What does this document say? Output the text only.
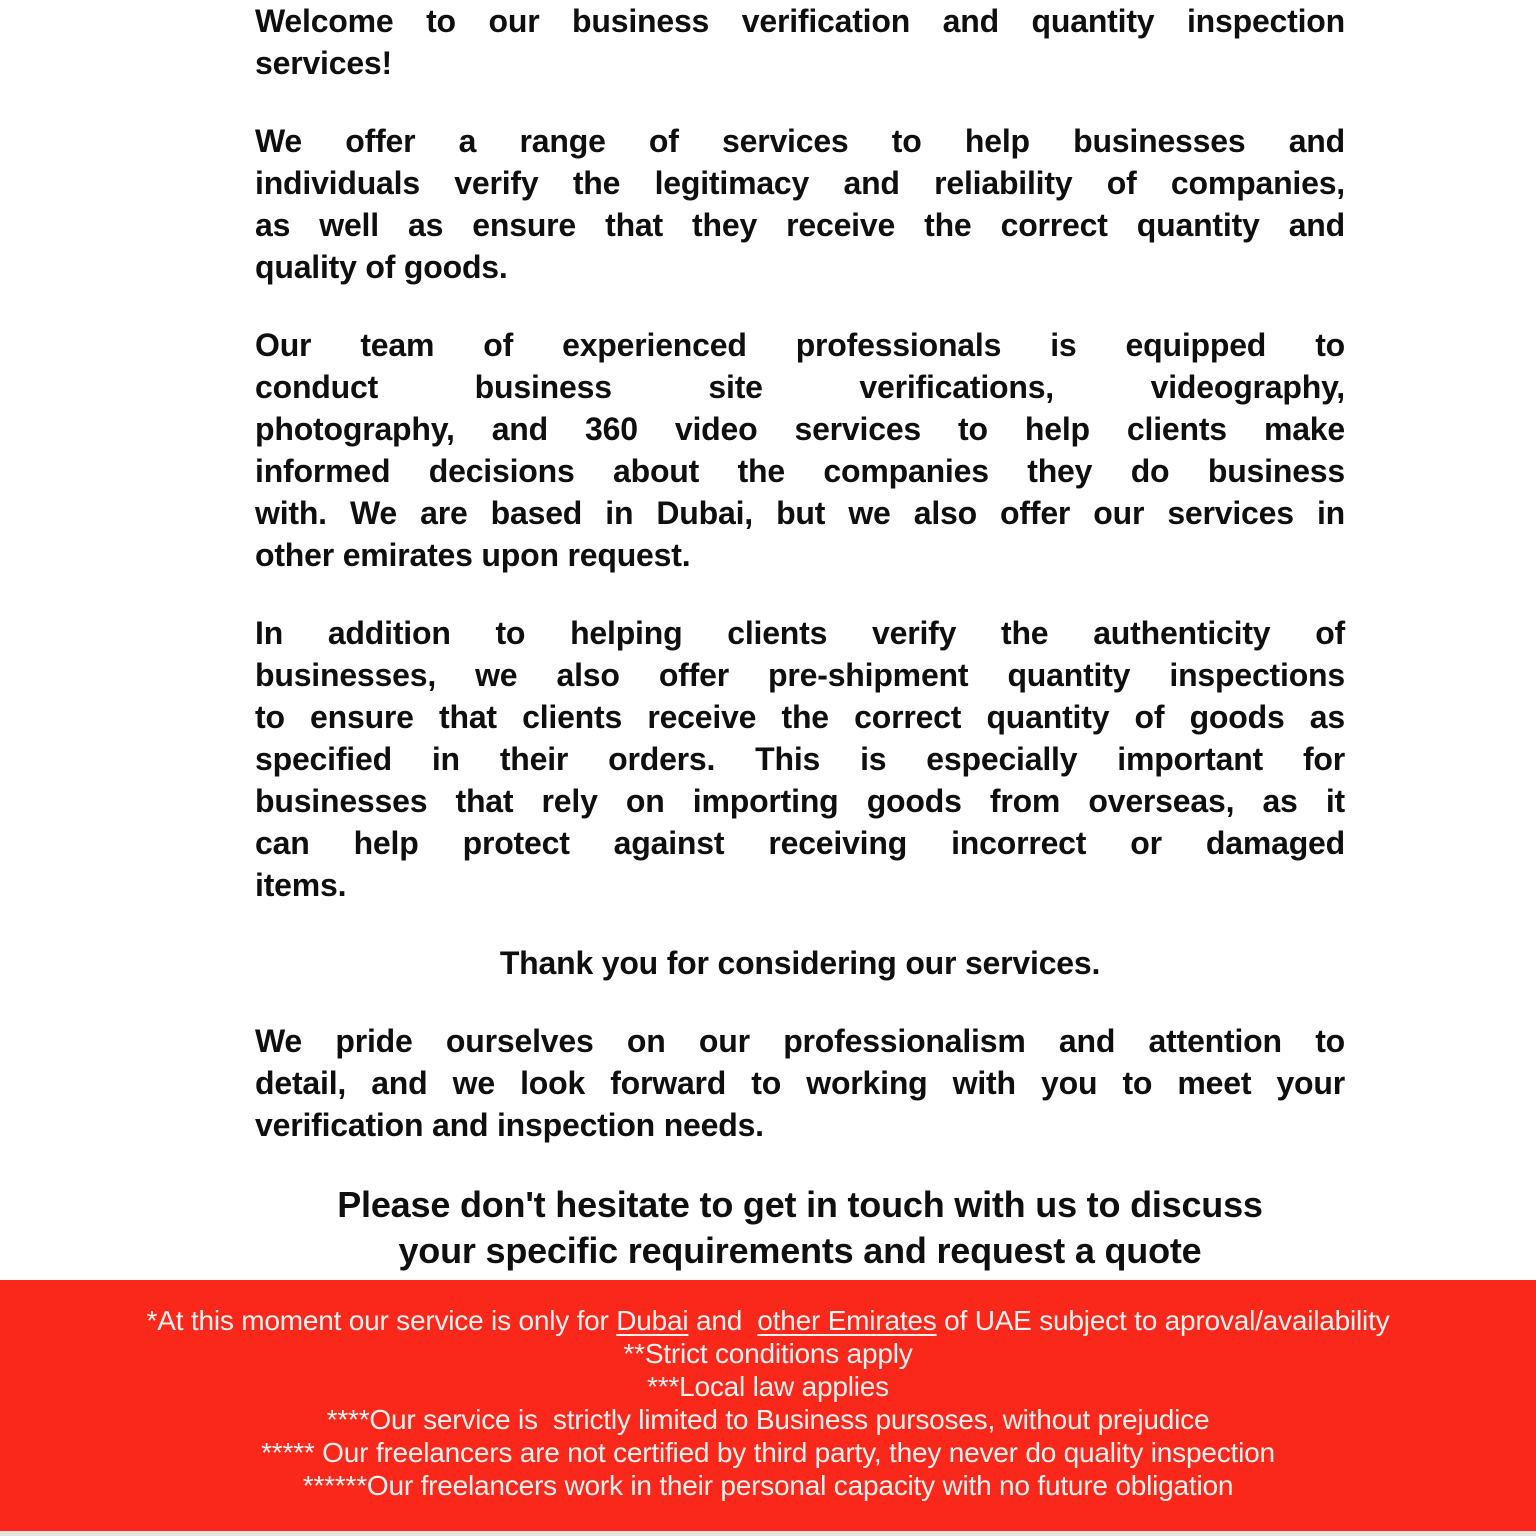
Welcome to our business verification and quantity inspection
services!
We offer a range of services to help businesses and
individuals verify the legitimacy and reliability of companies,
as well as ensure that they receive the correct quantity and
quality of goods.
Our team of experienced professionals is equipped to
conduct business site verifications, videography,
photography, and 360 video services to help clients make
informed decisions about the companies they do business
with. We are based in Dubai, but we also offer our services in
other emirates upon request.
In addition to helping clients verify the authenticity of
businesses, we also offer pre-shipment quantity inspections
to ensure that clients receive the correct quantity of goods as
specified in their orders. This is especially important for
businesses that rely on importing goods from overseas, as it
can help protect against receiving incorrect or damaged
items.
Thank you for considering our services.
We pride ourselves on our professionalism and attention to
detail, and we look forward to working with you to meet your
verification and inspection needs.
Please don't hesitate to get in touch with us to discuss
your specific requirements and request a quote
*At this moment our service is only for Dubai and  other Emirates of UAE subject to aproval/availability
**Strict conditions apply
***Local law applies
****Our service is  strictly limited to Business pursoses, without prejudice
***** Our freelancers are not certified by third party, they never do quality inspection
******Our freelancers work in their personal capacity with no future obligation
